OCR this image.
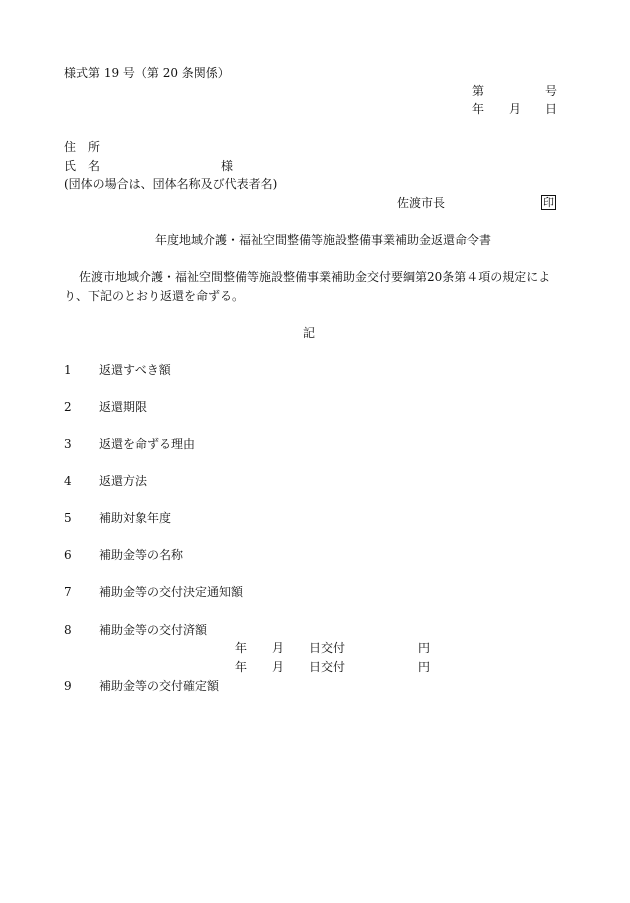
様式第 19 号（第 20 条関係）
第	号
年 月 日
住　所
氏　名	様
(団体の場合は、団体名称及び代表者名)
佐渡市長	印
年度地域介護・福祉空間整備等施設整備事業補助金返還命令書
佐渡市地域介護・福祉空間整備等施設整備事業補助金交付要綱第20条第４項の規定によ
り、下記のとおり返還を命ずる。
記
1 返還すべき額
2 返還期限
3 返還を命ずる理由
4 返還方法
5 補助対象年度
6 補助金等の名称
7 補助金等の交付決定通知額
8 補助金等の交付済額
年 月 日交付	円
年 月 日交付	円
9 補助金等の交付確定額
